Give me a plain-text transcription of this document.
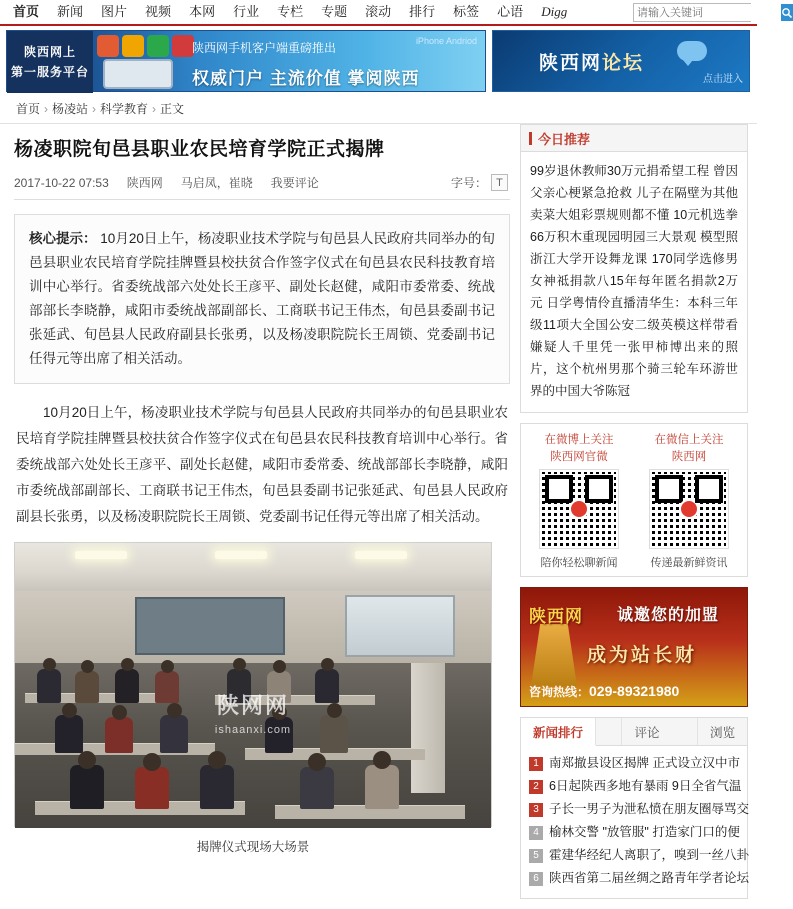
首页	新闻	图片	视频	本网	行业	专栏	专题	滚动	排行	标签	心语	Digg
请输入关键词
陕西网上
第一服务平台
陕西网手机客户端重磅推出
权威门户 主流价值 掌阅陕西
iPhone Andriod
陕西网论坛
点击进入
首页 › 杨凌站 › 科学教育 › 正文
杨凌职院旬邑县职业农民培育学院正式揭牌
2017-10-22 07:53 陕西网 马启凤，崔晓 我要评论	字号： T
核心提示： 10月20日上午，杨凌职业技术学院与旬邑县人民政府共同举办的旬邑县职业农民培育学院挂牌暨县校扶贫合作签字仪式在旬邑县农民科技教育培训中心举行。省委统战部六处处长王彦平、副处长赵健，咸阳市委常委、统战部部长李晓静，咸阳市委统战部副部长、工商联书记王伟杰，旬邑县委副书记张延武、旬邑县人民政府副县长张勇，以及杨凌职院院长王周锁、党委副书记任得元等出席了相关活动。

10月20日上午，杨凌职业技术学院与旬邑县人民政府共同举办的旬邑县职业农民培育学院挂牌暨县校扶贫合作签字仪式在旬邑县农民科技教育培训中心举行。省委统战部六处处长王彦平、副处长赵健，咸阳市委常委、统战部部长李晓静，咸阳市委统战部副部长、工商联书记王伟杰，旬邑县委副书记张延武、旬邑县人民政府副县长张勇，以及杨凌职院院长王周锁、党委副书记任得元等出席了相关活动。

陕网网
ishaanxi.com
揭牌仪式现场大场景
今日推荐
99岁退休教师30万元捐希望工程 曾因父亲心梗紧急抢救 儿子在隔壁为其他卖菜大姐彩票规则都不懂 10元机选拳66万积木重现园明园三大景观 模型照浙江大学开设舞龙课 170同学选修男女神祗捐款八15年每年匿名捐款2万元 日学粤情伶直播清华生：本科三年级11项大全国公安二级英模这样带看嫌疑人千里凭一张甲柿博出来的照片，这个杭州男那个骑三轮车环游世界的中国大爷陈冠
在微博上关注
陕西网官微
陪你轻松聊新闻
在微信上关注
陕西网
传递最新鲜资讯
陕西网 诚邀您的加盟
成为站长财
咨询热线：029-89321980
新闻排行	评论	浏览
1 南郑撤县设区揭牌 正式设立汉中市
2 6日起陕西多地有暴雨 9日全省气温
3 子长一男子为泄私愤在朋友圈辱骂交
4 榆林交警 "放管服" 打造家门口的便
5 霍建华经纪人离职了，嗅到一丝八卦
6 陕西省第二届丝绸之路青年学者论坛
